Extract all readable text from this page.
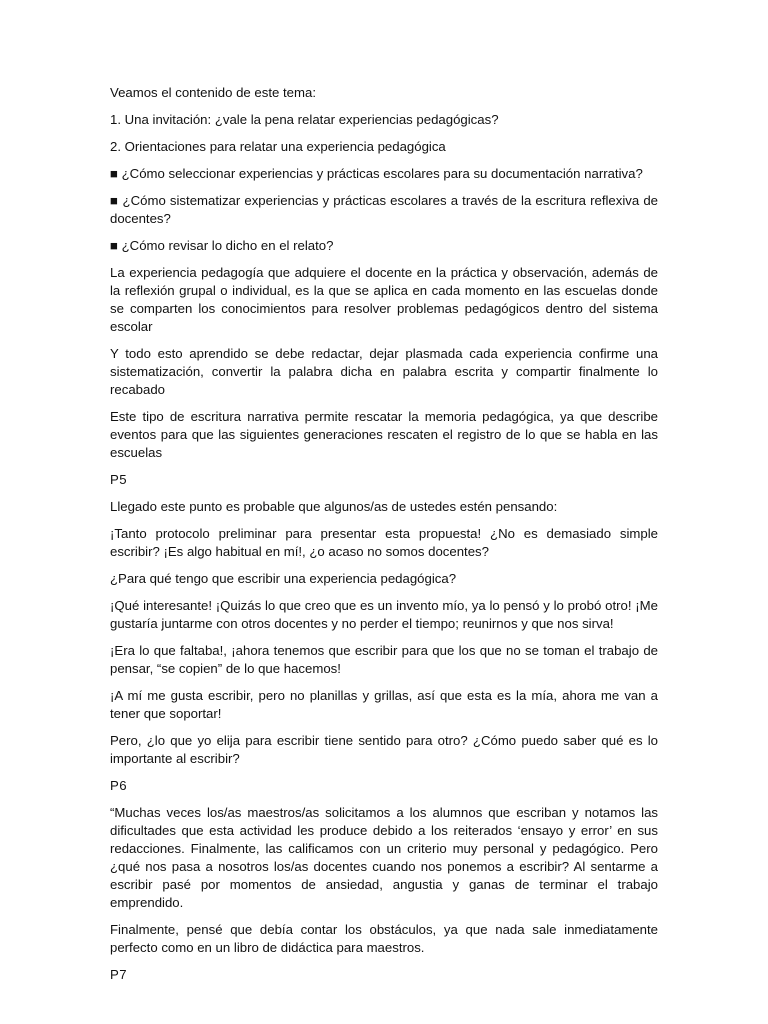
Veamos el contenido de este tema:

1. Una invitación: ¿vale la pena relatar experiencias pedagógicas?

2. Orientaciones para relatar una experiencia pedagógica

■ ¿Cómo seleccionar experiencias y prácticas escolares para su documentación narrativa?

■ ¿Cómo sistematizar experiencias y prácticas escolares a través de la escritura reflexiva de docentes?

■ ¿Cómo revisar lo dicho en el relato?

La experiencia pedagogía que adquiere el docente en la práctica y observación, además de la reflexión grupal o individual, es la que se aplica en cada momento en las escuelas donde se comparten los conocimientos para resolver problemas pedagógicos dentro del sistema escolar

Y todo esto aprendido se debe redactar, dejar plasmada cada experiencia confirme una sistematización, convertir la palabra dicha en palabra escrita y compartir finalmente lo recabado

Este tipo de escritura narrativa permite rescatar la memoria pedagógica, ya que describe eventos para que las siguientes generaciones rescaten el registro de lo que se habla en las escuelas

P5

Llegado este punto es probable que algunos/as de ustedes estén pensando:

¡Tanto protocolo preliminar para presentar esta propuesta! ¿No es demasiado simple escribir? ¡Es algo habitual en mí!, ¿o acaso no somos docentes?

¿Para qué tengo que escribir una experiencia pedagógica?

¡Qué interesante! ¡Quizás lo que creo que es un invento mío, ya lo pensó y lo probó otro! ¡Me gustaría juntarme con otros docentes y no perder el tiempo; reunirnos y que nos sirva!

¡Era lo que faltaba!, ¡ahora tenemos que escribir para que los que no se toman el trabajo de pensar, “se copien” de lo que hacemos!

¡A mí me gusta escribir, pero no planillas y grillas, así que esta es la mía, ahora me van a tener que soportar!

Pero, ¿lo que yo elija para escribir tiene sentido para otro? ¿Cómo puedo saber qué es lo importante al escribir?

P6

“Muchas veces los/as maestros/as solicitamos a los alumnos que escriban y notamos las dificultades que esta actividad les produce debido a los reiterados ‘ensayo y error’ en sus redacciones. Finalmente, las calificamos con un criterio muy personal y pedagógico. Pero ¿qué nos pasa a nosotros los/as docentes cuando nos ponemos a escribir? Al sentarme a escribir pasé por momentos de ansiedad, angustia y ganas de terminar el trabajo emprendido.

Finalmente, pensé que debía contar los obstáculos, ya que nada sale inmediatamente perfecto como en un libro de didáctica para maestros.

P7
